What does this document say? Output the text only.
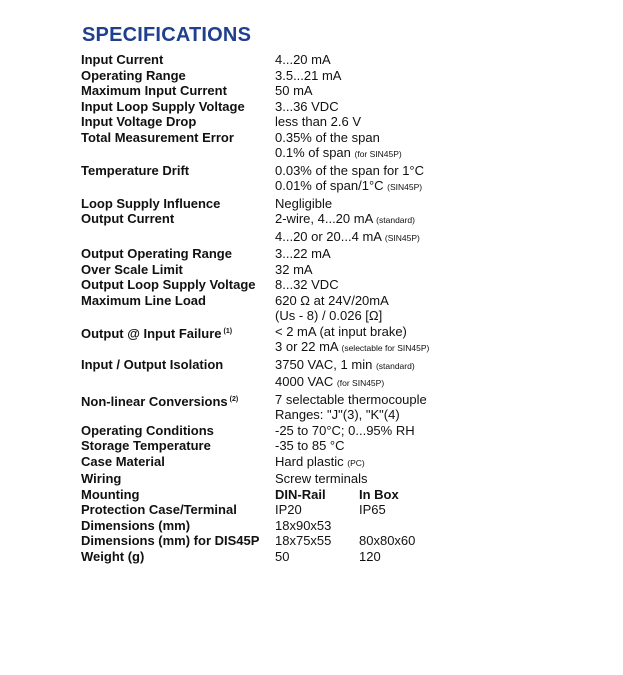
SPECIFICATIONS
Input Current	4...20 mA
Operating Range	3.5...21 mA
Maximum Input Current	50 mA
Input Loop Supply Voltage	3...36 VDC
Input Voltage Drop	less than 2.6 V
Total Measurement Error	0.35% of the span
0.1% of span (for SIN45P)
Temperature Drift	0.03% of the span for 1°C
0.01% of span/1°C (SIN45P)
Loop Supply Influence	Negligible
Output Current	2-wire, 4...20 mA (standard)
4...20 or 20...4 mA (SIN45P)
Output Operating Range	3...22 mA
Over Scale Limit	32 mA
Output Loop Supply Voltage	8...32 VDC
Maximum Line Load	620 Ω at 24V/20mA
(Us - 8) / 0.026 [Ω]
Output @ Input Failure $^{(1)}$	< 2 mA (at input brake)
3 or 22 mA (selectable for SIN45P)
Input / Output Isolation	3750 VAC, 1 min (standard)
4000 VAC (for SIN45P)
Non-linear Conversions $^{(2)}$	7 selectable thermocouple
Ranges: "J"(3), "K"(4)
Operating Conditions	-25 to 70°C; 0...95% RH
Storage Temperature	-35 to 85 °C
Case Material	Hard plastic (PC)
Wiring	Screw terminals
Mounting	DIN-Rail	In Box
Protection Case/Terminal	IP20	IP65
Dimensions (mm)	18x90x53
Dimensions (mm) for DIS45P	18x75x55	80x80x60
Weight (g)	50	120
